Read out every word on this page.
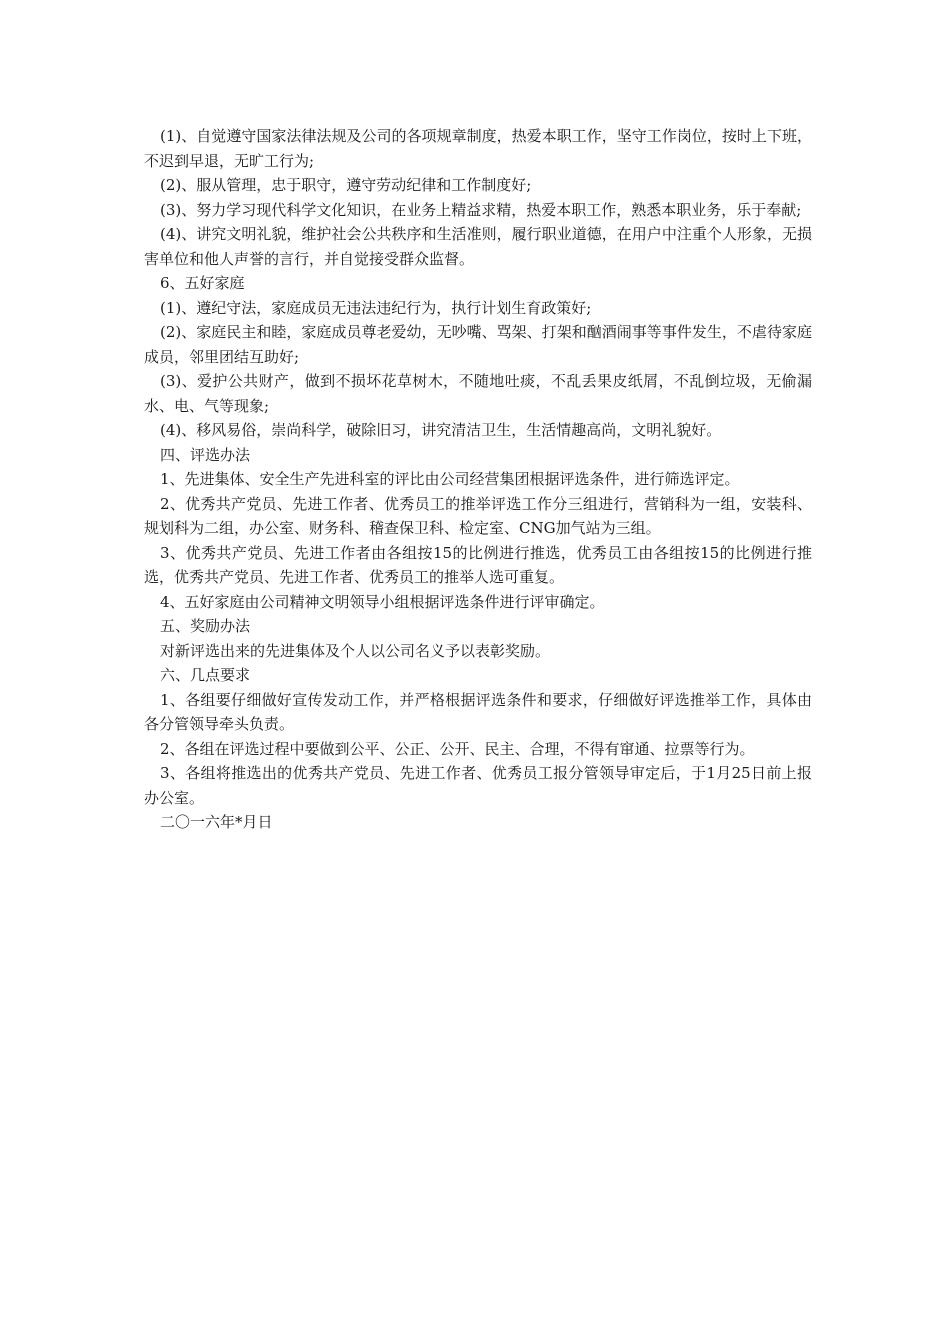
(1)、自觉遵守国家法律法规及公司的各项规章制度，热爱本职工作，坚守工作岗位，按时上下班，不迟到早退，无旷工行为;

(2)、服从管理，忠于职守，遵守劳动纪律和工作制度好;

(3)、努力学习现代科学文化知识，在业务上精益求精，热爱本职工作，熟悉本职业务，乐于奉献;

(4)、讲究文明礼貌，维护社会公共秩序和生活准则，履行职业道德，在用户中注重个人形象，无损害单位和他人声誉的言行，并自觉接受群众监督。

6、五好家庭

(1)、遵纪守法，家庭成员无违法违纪行为，执行计划生育政策好;

(2)、家庭民主和睦，家庭成员尊老爱幼，无吵嘴、骂架、打架和酗酒闹事等事件发生，不虐待家庭成员，邻里团结互助好;

(3)、爱护公共财产，做到不损坏花草树木，不随地吐痰，不乱丢果皮纸屑，不乱倒垃圾，无偷漏水、电、气等现象;

(4)、移风易俗，崇尚科学，破除旧习，讲究清洁卫生，生活情趣高尚，文明礼貌好。

四、评选办法

1、先进集体、安全生产先进科室的评比由公司经营集团根据评选条件，进行筛选评定。

2、优秀共产党员、先进工作者、优秀员工的推举评选工作分三组进行，营销科为一组，安装科、规划科为二组，办公室、财务科、稽查保卫科、检定室、CNG加气站为三组。

3、优秀共产党员、先进工作者由各组按15的比例进行推选，优秀员工由各组按15的比例进行推选，优秀共产党员、先进工作者、优秀员工的推举人选可重复。

4、五好家庭由公司精神文明领导小组根据评选条件进行评审确定。

五、奖励办法

对新评选出来的先进集体及个人以公司名义予以表彰奖励。

六、几点要求

1、各组要仔细做好宣传发动工作，并严格根据评选条件和要求，仔细做好评选推举工作，具体由各分管领导牵头负责。

2、各组在评选过程中要做到公平、公正、公开、民主、合理，不得有窜通、拉票等行为。

3、各组将推选出的优秀共产党员、先进工作者、优秀员工报分管领导审定后，于1月25日前上报办公室。

二〇一六年*月日
